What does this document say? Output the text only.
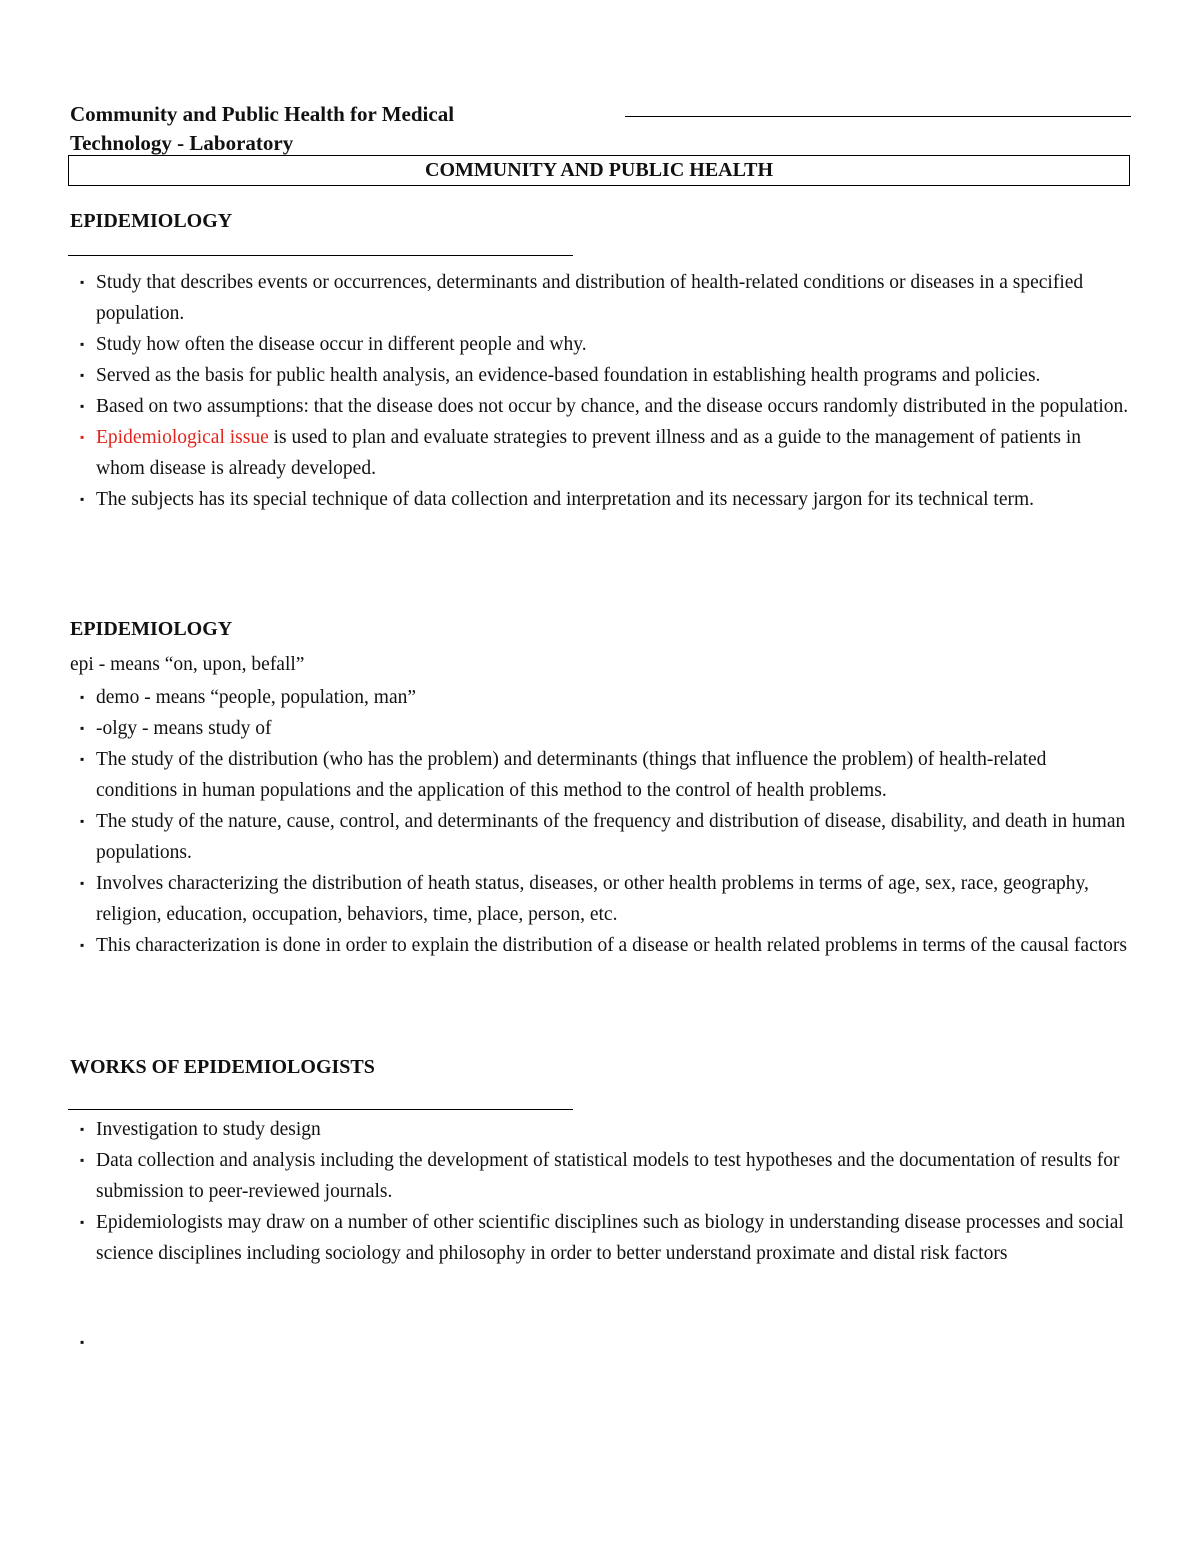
Community and Public Health for Medical
Technology - Laboratory
COMMUNITY AND PUBLIC HEALTH
EPIDEMIOLOGY
▪ Study that describes events or occurrences, determinants and distribution of health-related conditions or diseases in a specified population.
▪ Study how often the disease occur in different people and why.
▪ Served as the basis for public health analysis, an evidence-based foundation in establishing health programs and policies.
▪ Based on two assumptions: that the disease does not occur by chance, and the disease occurs randomly distributed in the population.
▪ Epidemiological issue is used to plan and evaluate strategies to prevent illness and as a guide to the management of patients in whom disease is already developed.
▪ The subjects has its special technique of data collection and interpretation and its necessary jargon for its technical term.
EPIDEMIOLOGY
epi - means “on, upon, befall”
▪ demo - means “people, population, man”
▪ -olgy - means study of
▪ The study of the distribution (who has the problem) and determinants (things that influence the problem) of health-related conditions in human populations and the application of this method to the control of health problems.
▪ The study of the nature, cause, control, and determinants of the frequency and distribution of disease, disability, and death in human populations.
▪ Involves characterizing the distribution of heath status, diseases, or other health problems in terms of age, sex, race, geography, religion, education, occupation, behaviors, time, place, person, etc.
▪ This characterization is done in order to explain the distribution of a disease or health related problems in terms of the causal factors
WORKS OF EPIDEMIOLOGISTS
▪ Investigation to study design
▪ Data collection and analysis including the development of statistical models to test hypotheses and the documentation of results for submission to peer-reviewed journals.
▪ Epidemiologists may draw on a number of other scientific disciplines such as biology in understanding disease processes and social science disciplines including sociology and philosophy in order to better understand proximate and distal risk factors
▪
